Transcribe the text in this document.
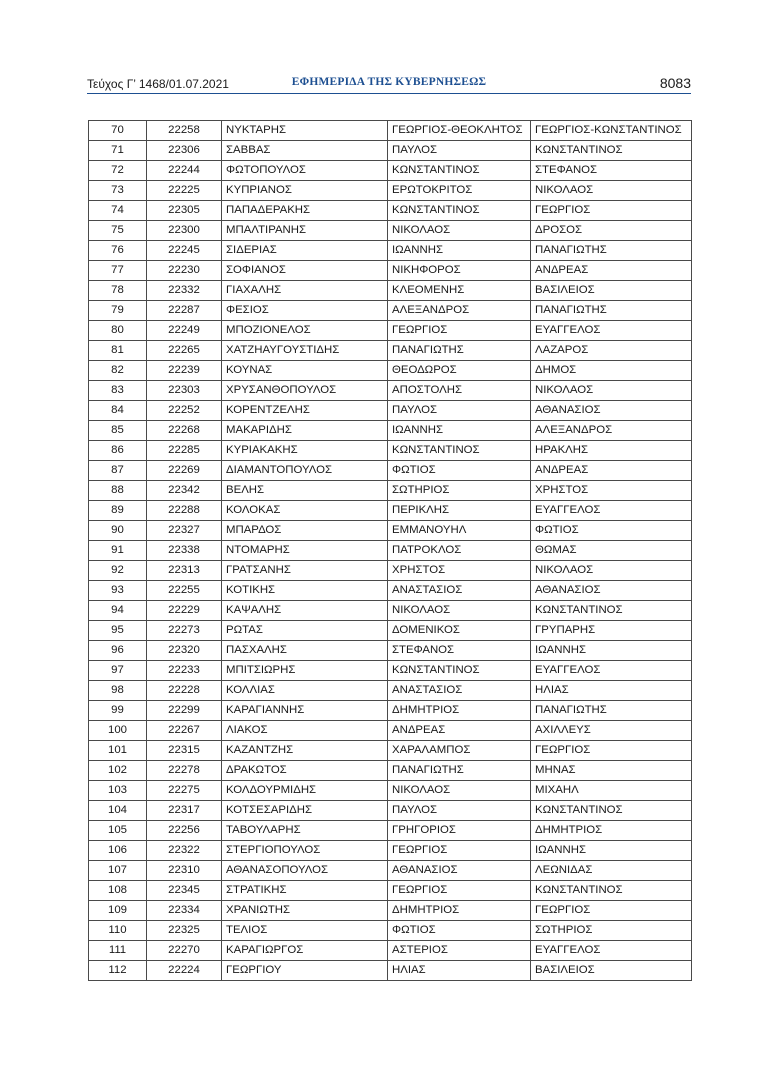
Τεύχος Γ’ 1468/01.07.2021	ΕΦΗΜΕΡΙΔΑ ΤΗΣ ΚΥΒΕΡΝΗΣΕΩΣ	8083
70	22258	ΝΥΚΤΑΡΗΣ	ΓΕΩΡΓΙΟΣ-ΘΕΟΚΛΗΤΟΣ	ΓΕΩΡΓΙΟΣ-ΚΩΝΣΤΑΝΤΙΝΟΣ
71	22306	ΣΑΒΒΑΣ	ΠΑΥΛΟΣ	ΚΩΝΣΤΑΝΤΙΝΟΣ
72	22244	ΦΩΤΟΠΟΥΛΟΣ	ΚΩΝΣΤΑΝΤΙΝΟΣ	ΣΤΕΦΑΝΟΣ
73	22225	ΚΥΠΡΙΑΝΟΣ	ΕΡΩΤΟΚΡΙΤΟΣ	ΝΙΚΟΛΑΟΣ
74	22305	ΠΑΠΑΔΕΡΑΚΗΣ	ΚΩΝΣΤΑΝΤΙΝΟΣ	ΓΕΩΡΓΙΟΣ
75	22300	ΜΠΑΛΤΙΡΑΝΗΣ	ΝΙΚΟΛΑΟΣ	ΔΡΟΣΟΣ
76	22245	ΣΙΔΕΡΙΑΣ	ΙΩΑΝΝΗΣ	ΠΑΝΑΓΙΩΤΗΣ
77	22230	ΣΟΦΙΑΝΟΣ	ΝΙΚΗΦΟΡΟΣ	ΑΝΔΡΕΑΣ
78	22332	ΓΙΑΧΑΛΗΣ	ΚΛΕΟΜΕΝΗΣ	ΒΑΣΙΛΕΙΟΣ
79	22287	ΦΕΣΙΟΣ	ΑΛΕΞΑΝΔΡΟΣ	ΠΑΝΑΓΙΩΤΗΣ
80	22249	ΜΠΟΖΙΟΝΕΛΟΣ	ΓΕΩΡΓΙΟΣ	ΕΥΑΓΓΕΛΟΣ
81	22265	ΧΑΤΖΗΑΥΓΟΥΣΤΙΔΗΣ	ΠΑΝΑΓΙΩΤΗΣ	ΛΑΖΑΡΟΣ
82	22239	ΚΟΥΝΑΣ	ΘΕΟΔΩΡΟΣ	ΔΗΜΟΣ
83	22303	ΧΡΥΣΑΝΘΟΠΟΥΛΟΣ	ΑΠΟΣΤΟΛΗΣ	ΝΙΚΟΛΑΟΣ
84	22252	ΚΟΡΕΝΤΖΕΛΗΣ	ΠΑΥΛΟΣ	ΑΘΑΝΑΣΙΟΣ
85	22268	ΜΑΚΑΡΙΔΗΣ	ΙΩΑΝΝΗΣ	ΑΛΕΞΑΝΔΡΟΣ
86	22285	ΚΥΡΙΑΚΑΚΗΣ	ΚΩΝΣΤΑΝΤΙΝΟΣ	ΗΡΑΚΛΗΣ
87	22269	ΔΙΑΜΑΝΤΟΠΟΥΛΟΣ	ΦΩΤΙΟΣ	ΑΝΔΡΕΑΣ
88	22342	ΒΕΛΗΣ	ΣΩΤΗΡΙΟΣ	ΧΡΗΣΤΟΣ
89	22288	ΚΟΛΟΚΑΣ	ΠΕΡΙΚΛΗΣ	ΕΥΑΓΓΕΛΟΣ
90	22327	ΜΠΑΡΔΟΣ	ΕΜΜΑΝΟΥΗΛ	ΦΩΤΙΟΣ
91	22338	ΝΤΟΜΑΡΗΣ	ΠΑΤΡΟΚΛΟΣ	ΘΩΜΑΣ
92	22313	ΓΡΑΤΣΑΝΗΣ	ΧΡΗΣΤΟΣ	ΝΙΚΟΛΑΟΣ
93	22255	ΚΟΤΙΚΗΣ	ΑΝΑΣΤΑΣΙΟΣ	ΑΘΑΝΑΣΙΟΣ
94	22229	ΚΑΨΑΛΗΣ	ΝΙΚΟΛΑΟΣ	ΚΩΝΣΤΑΝΤΙΝΟΣ
95	22273	ΡΩΤΑΣ	ΔΟΜΕΝΙΚΟΣ	ΓΡΥΠΑΡΗΣ
96	22320	ΠΑΣΧΑΛΗΣ	ΣΤΕΦΑΝΟΣ	ΙΩΑΝΝΗΣ
97	22233	ΜΠΙΤΣΙΩΡΗΣ	ΚΩΝΣΤΑΝΤΙΝΟΣ	ΕΥΑΓΓΕΛΟΣ
98	22228	ΚΟΛΛΙΑΣ	ΑΝΑΣΤΑΣΙΟΣ	ΗΛΙΑΣ
99	22299	ΚΑΡΑΓΙΑΝΝΗΣ	ΔΗΜΗΤΡΙΟΣ	ΠΑΝΑΓΙΩΤΗΣ
100	22267	ΛΙΑΚΟΣ	ΑΝΔΡΕΑΣ	ΑΧΙΛΛΕΥΣ
101	22315	ΚΑΖΑΝΤΖΗΣ	ΧΑΡΑΛΑΜΠΟΣ	ΓΕΩΡΓΙΟΣ
102	22278	ΔΡΑΚΩΤΟΣ	ΠΑΝΑΓΙΩΤΗΣ	ΜΗΝΑΣ
103	22275	ΚΟΛΔΟΥΡΜΙΔΗΣ	ΝΙΚΟΛΑΟΣ	ΜΙΧΑΗΛ
104	22317	ΚΟΤΣΕΣΑΡΙΔΗΣ	ΠΑΥΛΟΣ	ΚΩΝΣΤΑΝΤΙΝΟΣ
105	22256	ΤΑΒΟΥΛΑΡΗΣ	ΓΡΗΓΟΡΙΟΣ	ΔΗΜΗΤΡΙΟΣ
106	22322	ΣΤΕΡΓΙΟΠΟΥΛΟΣ	ΓΕΩΡΓΙΟΣ	ΙΩΑΝΝΗΣ
107	22310	ΑΘΑΝΑΣΟΠΟΥΛΟΣ	ΑΘΑΝΑΣΙΟΣ	ΛΕΩΝΙΔΑΣ
108	22345	ΣΤΡΑΤΙΚΗΣ	ΓΕΩΡΓΙΟΣ	ΚΩΝΣΤΑΝΤΙΝΟΣ
109	22334	ΧΡΑΝΙΩΤΗΣ	ΔΗΜΗΤΡΙΟΣ	ΓΕΩΡΓΙΟΣ
110	22325	ΤΕΛΙΟΣ	ΦΩΤΙΟΣ	ΣΩΤΗΡΙΟΣ
111	22270	ΚΑΡΑΓΙΩΡΓΟΣ	ΑΣΤΕΡΙΟΣ	ΕΥΑΓΓΕΛΟΣ
112	22224	ΓΕΩΡΓΙΟΥ	ΗΛΙΑΣ	ΒΑΣΙΛΕΙΟΣ
